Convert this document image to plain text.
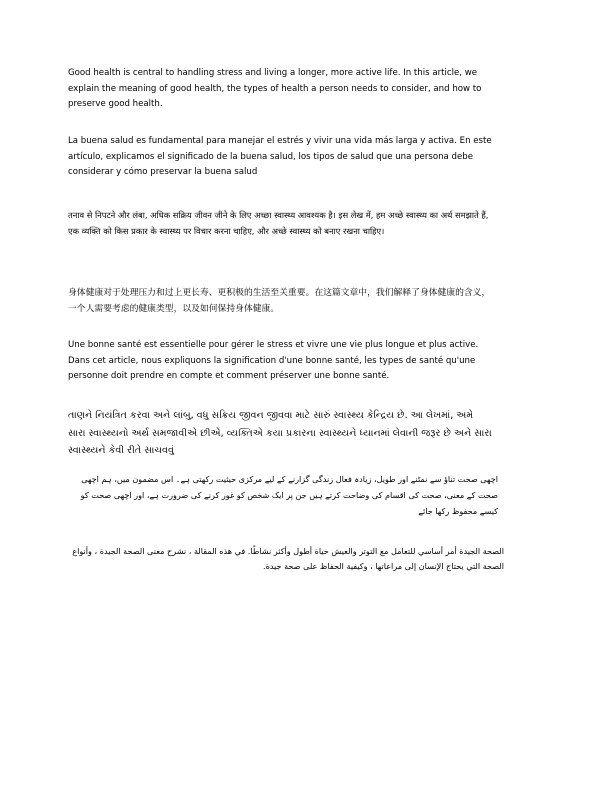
Good health is central to handling stress and living a longer, more active life. In this article, we explain the meaning of good health, the types of health a person needs to consider, and how to preserve good health.

La buena salud es fundamental para manejar el estrés y vivir una vida más larga y activa. En este artículo, explicamos el significado de la buena salud, los tipos de salud que una persona debe considerar y cómo preservar la buena salud

तनाव से निपटने और लंबा, अधिक सक्रिय जीवन जीने के लिए अच्छा स्वास्थ्य आवश्यक है। इस लेख में, हम अच्छे स्वास्थ्य का अर्थ समझाते हैं, एक व्यक्ति को किस प्रकार के स्वास्थ्य पर विचार करना चाहिए, और अच्छे स्वास्थ्य को बनाए रखना चाहिए।

身体健康对于处理压力和过上更长寿、更积极的生活至关重要。在这篇文章中，我们解释了身体健康的含义，一个人需要考虑的健康类型，以及如何保持身体健康。

Une bonne santé est essentielle pour gérer le stress et vivre une vie plus longue et plus active. Dans cet article, nous expliquons la signification d'une bonne santé, les types de santé qu'une personne doit prendre en compte et comment préserver une bonne santé.

તાણને નિયંત્રિત કરવા અને લાંબુ, વધુ સક્રિય જીવન જીવવા માટે સારું સ્વાસ્થ્ય કેન્દ્રિય છે. આ લેખમાં, અમે સારા સ્વાસ્થ્યનો અર્થ સમજાવીએ છીએ, વ્યક્તિએ કયા પ્રકારના સ્વાસ્થ્યને ધ્યાનમાં લેવાની જરૂર છે અને સારા સ્વાસ્થ્યને કેવી રીતે સાચવવું

اچھی صحت تناؤ سے نمٹنے اور طویل، زیادہ فعال زندگی گزارنے کے لیے مرکزی حیثیت رکھتی ہے۔ اس مضمون میں، ہم اچھی صحت کے معنی، صحت کی اقسام کی وضاحت کرتے ہیں جن پر ایک شخص کو غور کرنے کی ضرورت ہے، اور اچھی صحت کو کیسے محفوظ رکھا جائے

الصحة الجيدة أمر أساسي للتعامل مع التوتر والعيش حياة أطول وأكثر نشاطًا. في هذه المقالة ، نشرح معنى الصحة الجيدة ، وأنواع الصحة التي يحتاج الإنسان إلى مراعاتها ، وكيفية الحفاظ على صحة جيدة.
